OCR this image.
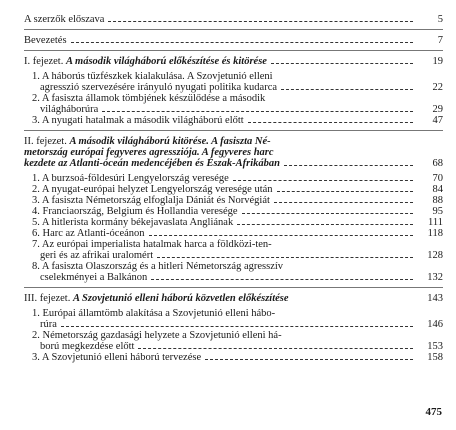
A szerzők előszava	5
Bevezetés	7
I. fejezet. A második világháború előkészítése és kitörése	19
1. A háborús tűzfészkek kialakulása. A Szovjetunió elleni
agresszió szervezésére irányuló nyugati politika kudarca	22
2. A fasiszta államok tömbjének készülődése a második
világháborúra	29
3. A nyugati hatalmak a második világháború előtt	47
II. fejezet. A második világháború kitörése. A fasiszta Né-
metország európai fegyveres agressziója. A fegyveres harc
kezdete az Atlanti-óceán medencéjében és Észak-Afrikában	68
1. A burzsoá-földesúri Lengyelország veresége	70
2. A nyugat-európai helyzet Lengyelország veresége után	84
3. A fasiszta Németország elfoglalja Dániát és Norvégiát	88
4. Franciaország, Belgium és Hollandia veresége	95
5. A hitlerista kormány békejavaslata Angliának	111
6. Harc az Atlanti-óceánon	118
7. Az európai imperialista hatalmak harca a földközi-ten-
geri és az afrikai uralomért	128
8. A fasiszta Olaszország és a hitleri Németország agresszív
cselekményei a Balkánon	132
III. fejezet. A Szovjetunió elleni háború közvetlen előkészítése	143
1. Európai államtömb alakítása a Szovjetunió elleni hábo-
rúra	146
2. Németország gazdasági helyzete a Szovjetunió elleni há-
ború megkezdése előtt	153
3. A Szovjetunió elleni háború tervezése	158
475
